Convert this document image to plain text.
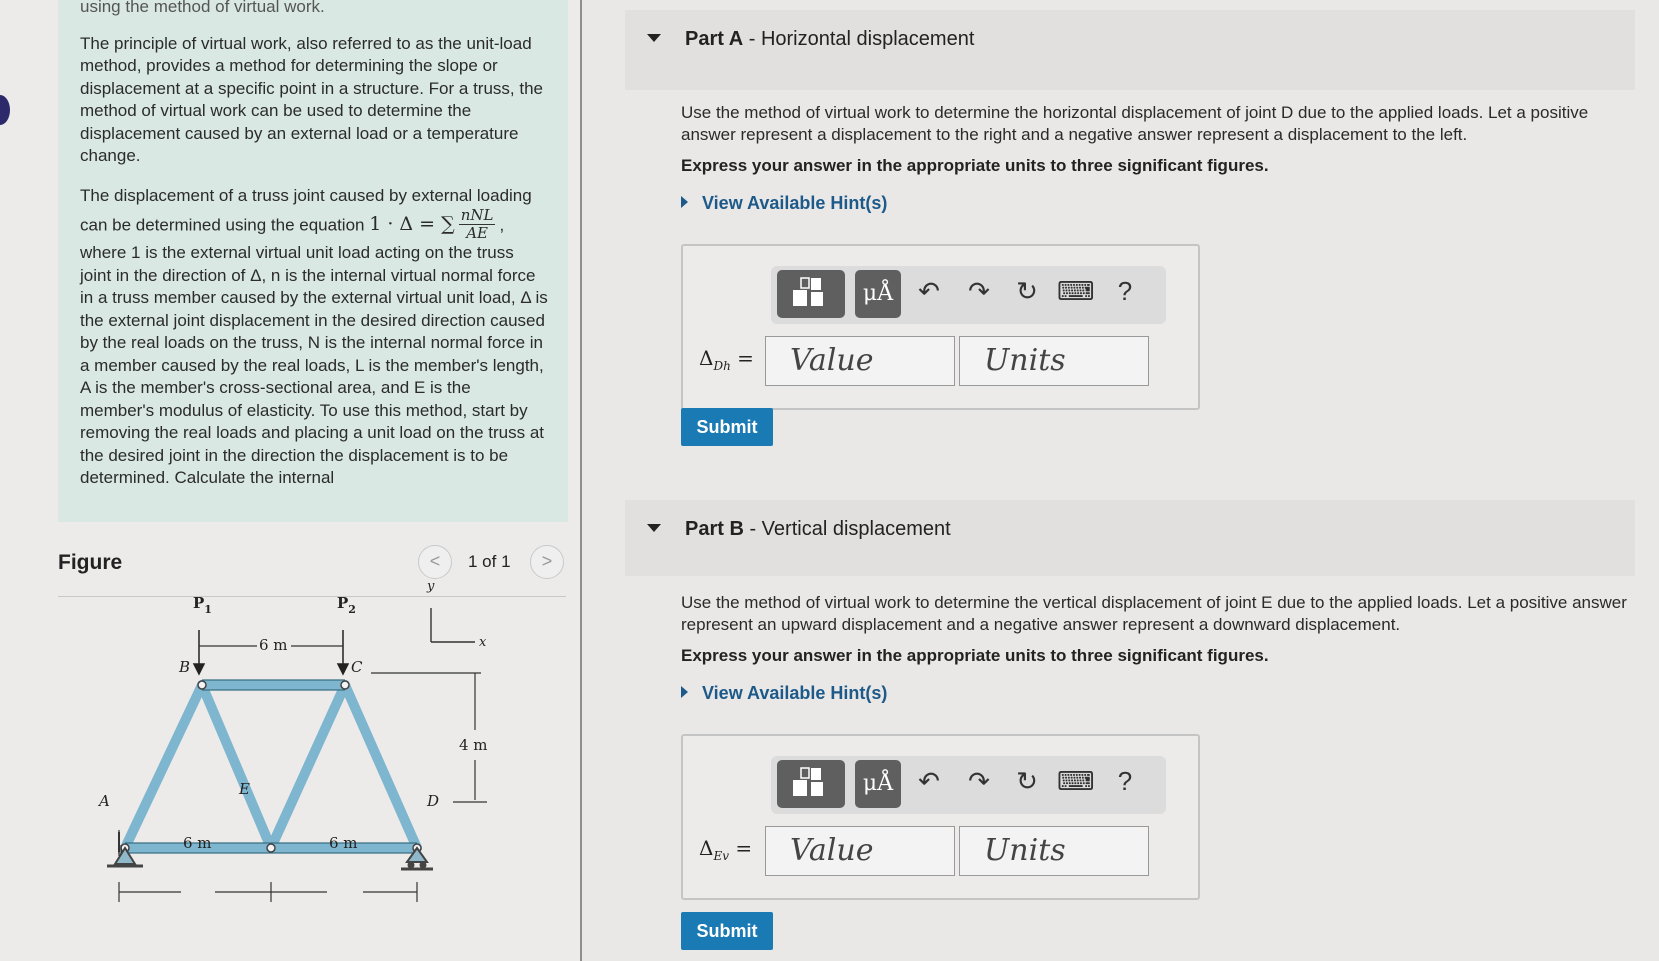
using the method of virtual work.

The principle of virtual work, also referred to as the unit-load method, provides a method for determining the slope or displacement at a specific point in a structure. For a truss, the method of virtual work can be used to determine the displacement caused by an external load or a temperature change.

The displacement of a truss joint caused by external loading can be determined using the equation 1 · Δ = ∑ $\frac{\text{nNL}}{AE}$ , where 1 is the external virtual unit load acting on the truss joint in the direction of Δ, n is the internal virtual normal force in a truss member caused by the external virtual unit load, Δ is the external joint displacement in the desired direction caused by the real loads on the truss, N is the internal normal force in a member caused by the real loads, L is the member's length, A is the member's cross-sectional area, and E is the member's modulus of elasticity. To use this method, start by removing the real loads and placing a unit load on the truss at the desired joint in the direction the displacement is to be determined. Calculate the internal

Figure	<	1 of 1	>
$P_1$	$P_2$
B	C
A	D
E
6 m
6 m	6 m
4 m
x
y
Part A - Horizontal displacement
Use the method of virtual work to determine the horizontal displacement of joint D due to the applied loads. Let a positive answer represent a displacement to the right and a negative answer represent a displacement to the left.
Express your answer in the appropriate units to three significant figures.
View Available Hint(s)
μÅ ↶ ↷ ↻ ⌨ ?
$\Delta_{Dh}$ =	Value	Units
Submit
Part B - Vertical displacement
Use the method of virtual work to determine the vertical displacement of joint E due to the applied loads. Let a positive answer represent an upward displacement and a negative answer represent a downward displacement.
Express your answer in the appropriate units to three significant figures.
View Available Hint(s)
μÅ ↶ ↷ ↻ ⌨ ?
$\Delta_{Ev}$ =	Value	Units
Submit
